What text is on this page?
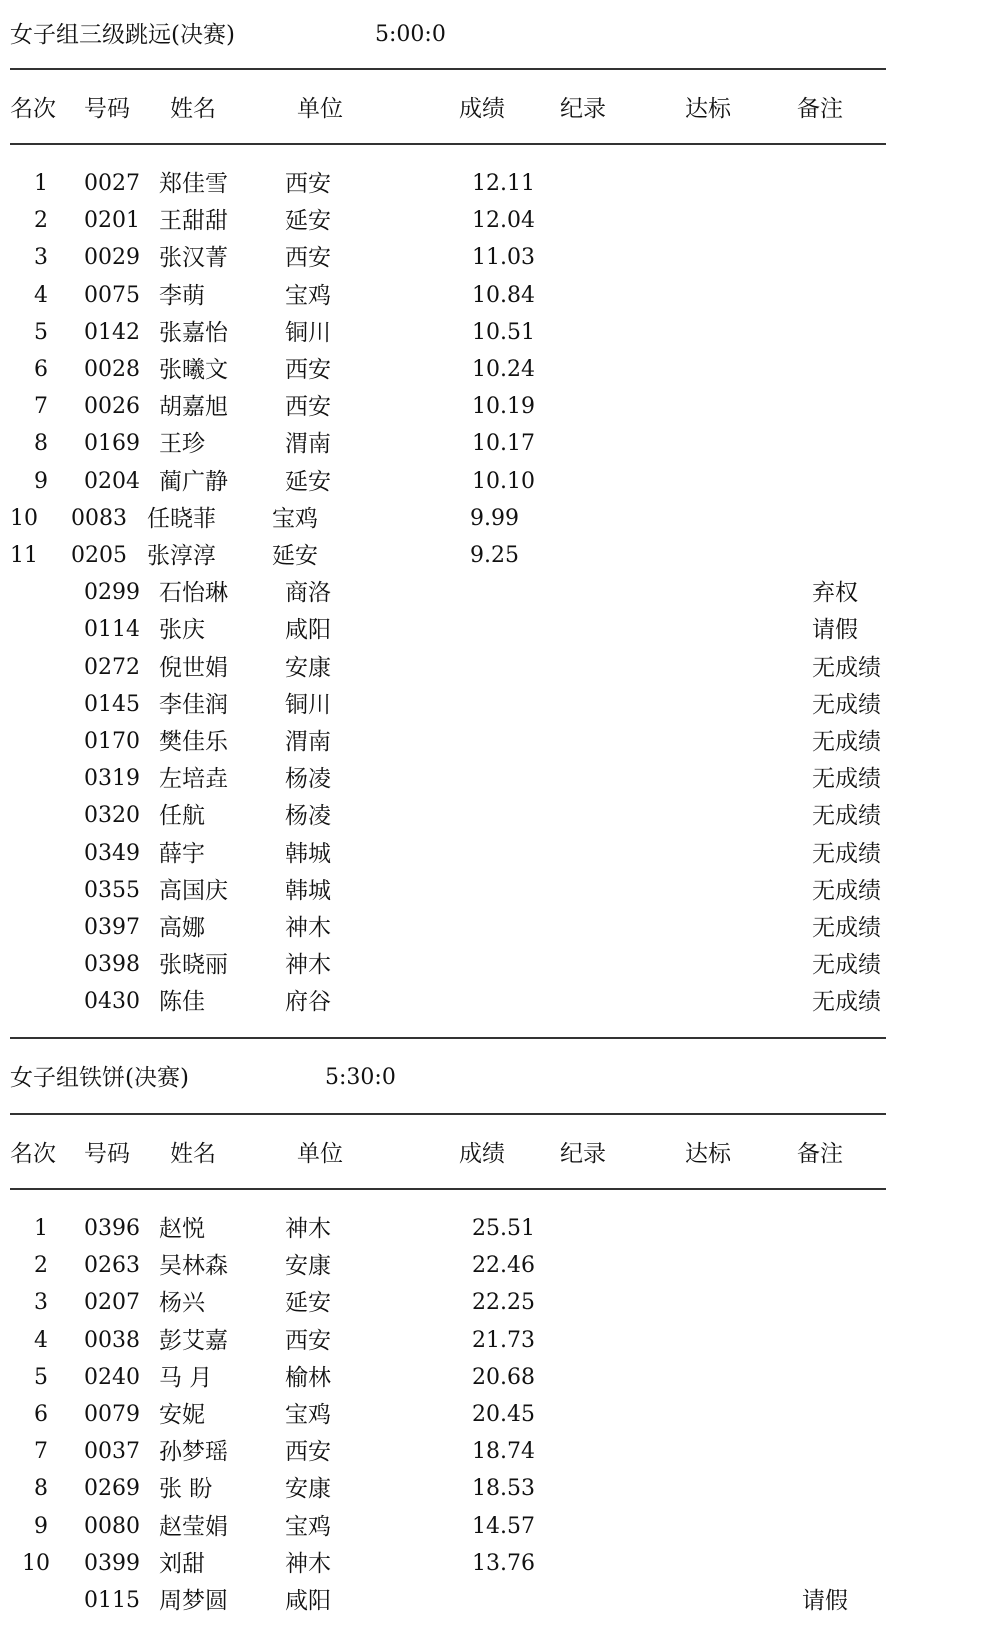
女子组三级跳远(决赛)	5:00:0
名次 号码 姓名	单位	成绩 纪录	达标	备注
1 0027 郑佳雪 西安	12.11
2 0201 王甜甜 延安	12.04
3 0029 张汉菁 西安	11.03
4 0075 李萌	宝鸡	10.84
5 0142 张嘉怡 铜川	10.51
6 0028 张曦文 西安	10.24
7 0026 胡嘉旭 西安	10.19
8 0169 王珍	渭南	10.17
9 0204 蔺广静 延安	10.10
10 0083 任晓菲 宝鸡	9.99
11 0205 张淳淳 延安	9.25
0299 石怡琳 商洛	弃权
0114 张庆	咸阳	请假
0272 倪世娟 安康	无成绩
0145 李佳润 铜川	无成绩
0170 樊佳乐 渭南	无成绩
0319 左培垚 杨凌	无成绩
0320 任航	杨凌	无成绩
0349 薛宇	韩城	无成绩
0355 高国庆 韩城	无成绩
0397 高娜	神木	无成绩
0398 张晓丽 神木	无成绩
0430 陈佳	府谷	无成绩
女子组铁饼(决赛)	5:30:0
名次 号码 姓名	单位	成绩 纪录	达标	备注
1 0396 赵悦	神木	25.51
2 0263 吴林森 安康	22.46
3 0207 杨兴	延安	22.25
4 0038 彭艾嘉 西安	21.73
5 0240 马 月	榆林	20.68
6 0079 安妮	宝鸡	20.45
7 0037 孙梦瑶 西安	18.74
8 0269 张 盼	安康	18.53
9 0080 赵莹娟 宝鸡	14.57
10 0399 刘甜	神木	13.76
0115 周梦圆 咸阳	请假
